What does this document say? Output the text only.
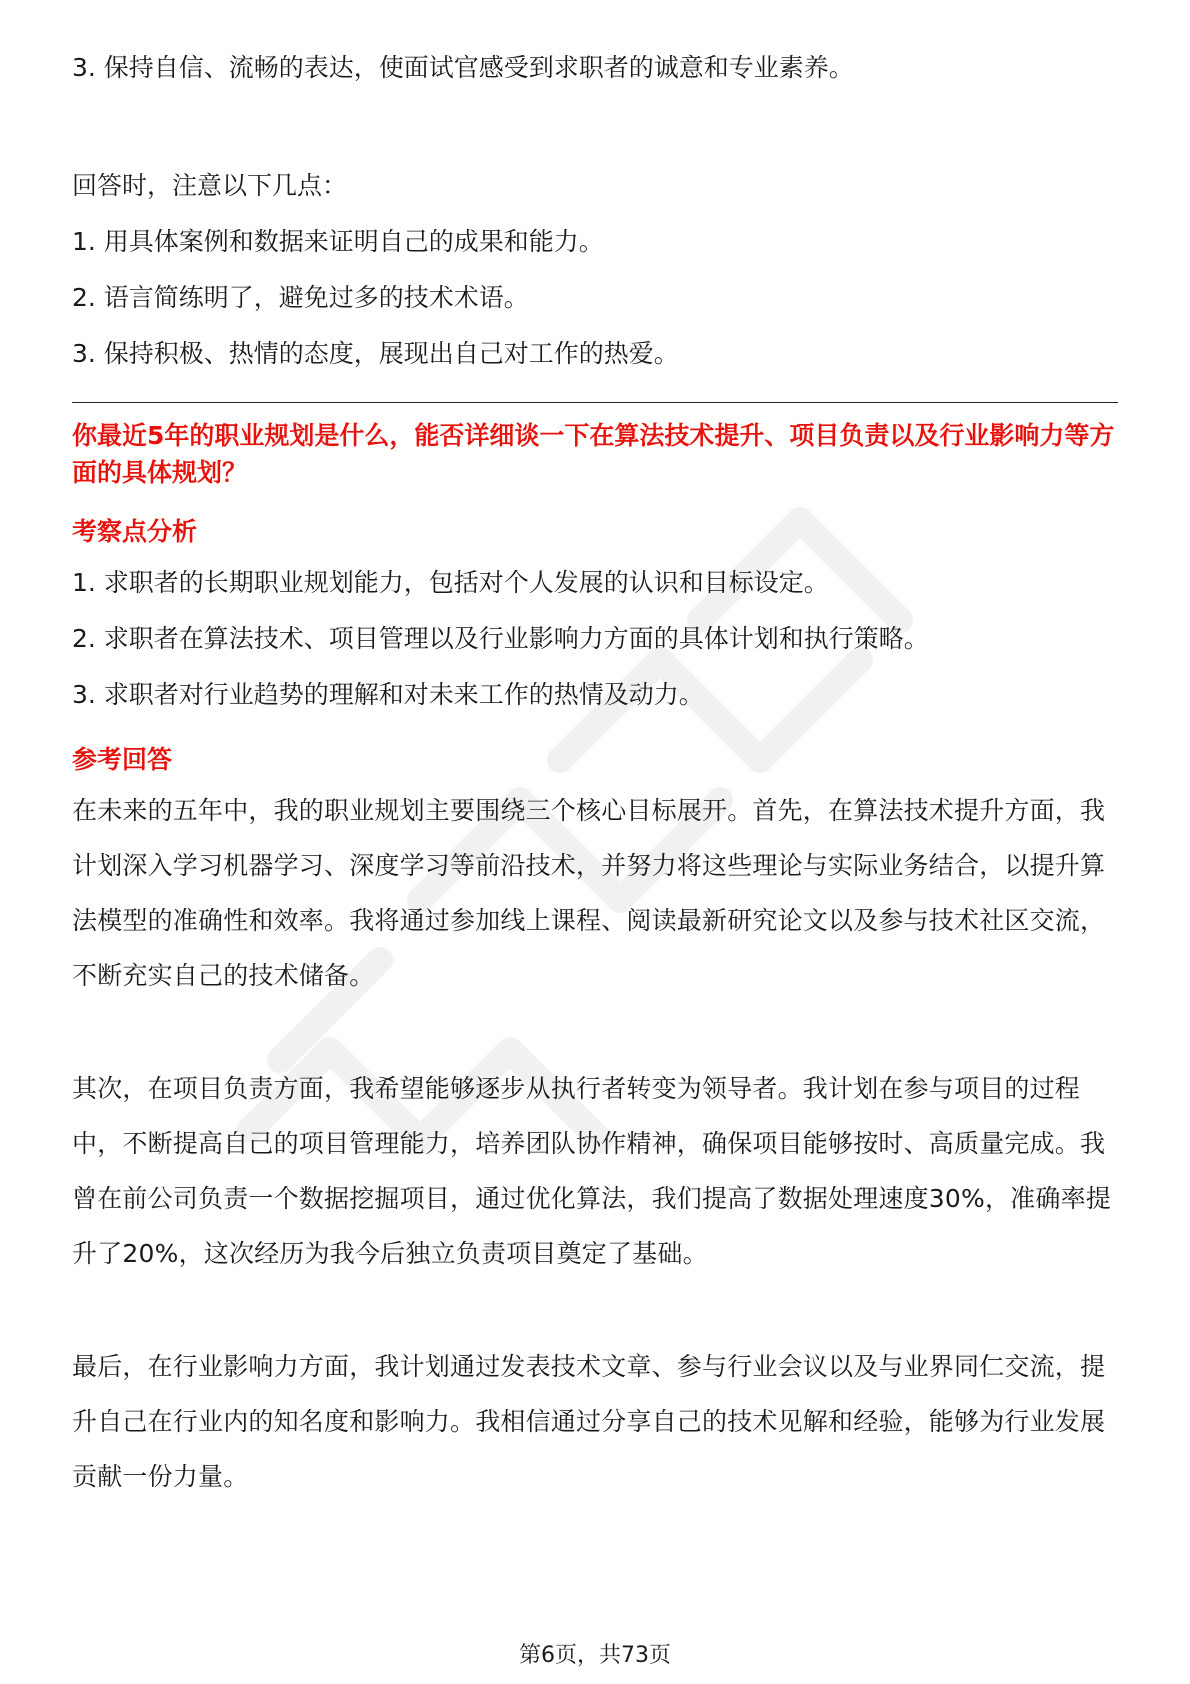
3. 保持自信、流畅的表达，使面试官感受到求职者的诚意和专业素养。

回答时，注意以下几点：

1. 用具体案例和数据来证明自己的成果和能力。

2. 语言简练明了，避免过多的技术术语。

3. 保持积极、热情的态度，展现出自己对工作的热爱。

你最近5年的职业规划是什么，能否详细谈一下在算法技术提升、项目负责以及行业影响力等方面的具体规划？

考察点分析

1. 求职者的长期职业规划能力，包括对个人发展的认识和目标设定。

2. 求职者在算法技术、项目管理以及行业影响力方面的具体计划和执行策略。

3. 求职者对行业趋势的理解和对未来工作的热情及动力。

参考回答

在未来的五年中，我的职业规划主要围绕三个核心目标展开。首先，在算法技术提升方面，我计划深入学习机器学习、深度学习等前沿技术，并努力将这些理论与实际业务结合，以提升算法模型的准确性和效率。我将通过参加线上课程、阅读最新研究论文以及参与技术社区交流，不断充实自己的技术储备。

其次，在项目负责方面，我希望能够逐步从执行者转变为领导者。我计划在参与项目的过程中，不断提高自己的项目管理能力，培养团队协作精神，确保项目能够按时、高质量完成。我曾在前公司负责一个数据挖掘项目，通过优化算法，我们提高了数据处理速度30%，准确率提升了20%，这次经历为我今后独立负责项目奠定了基础。

最后，在行业影响力方面，我计划通过发表技术文章、参与行业会议以及与业界同仁交流，提升自己在行业内的知名度和影响力。我相信通过分享自己的技术见解和经验，能够为行业发展贡献一份力量。

第6页，共73页
